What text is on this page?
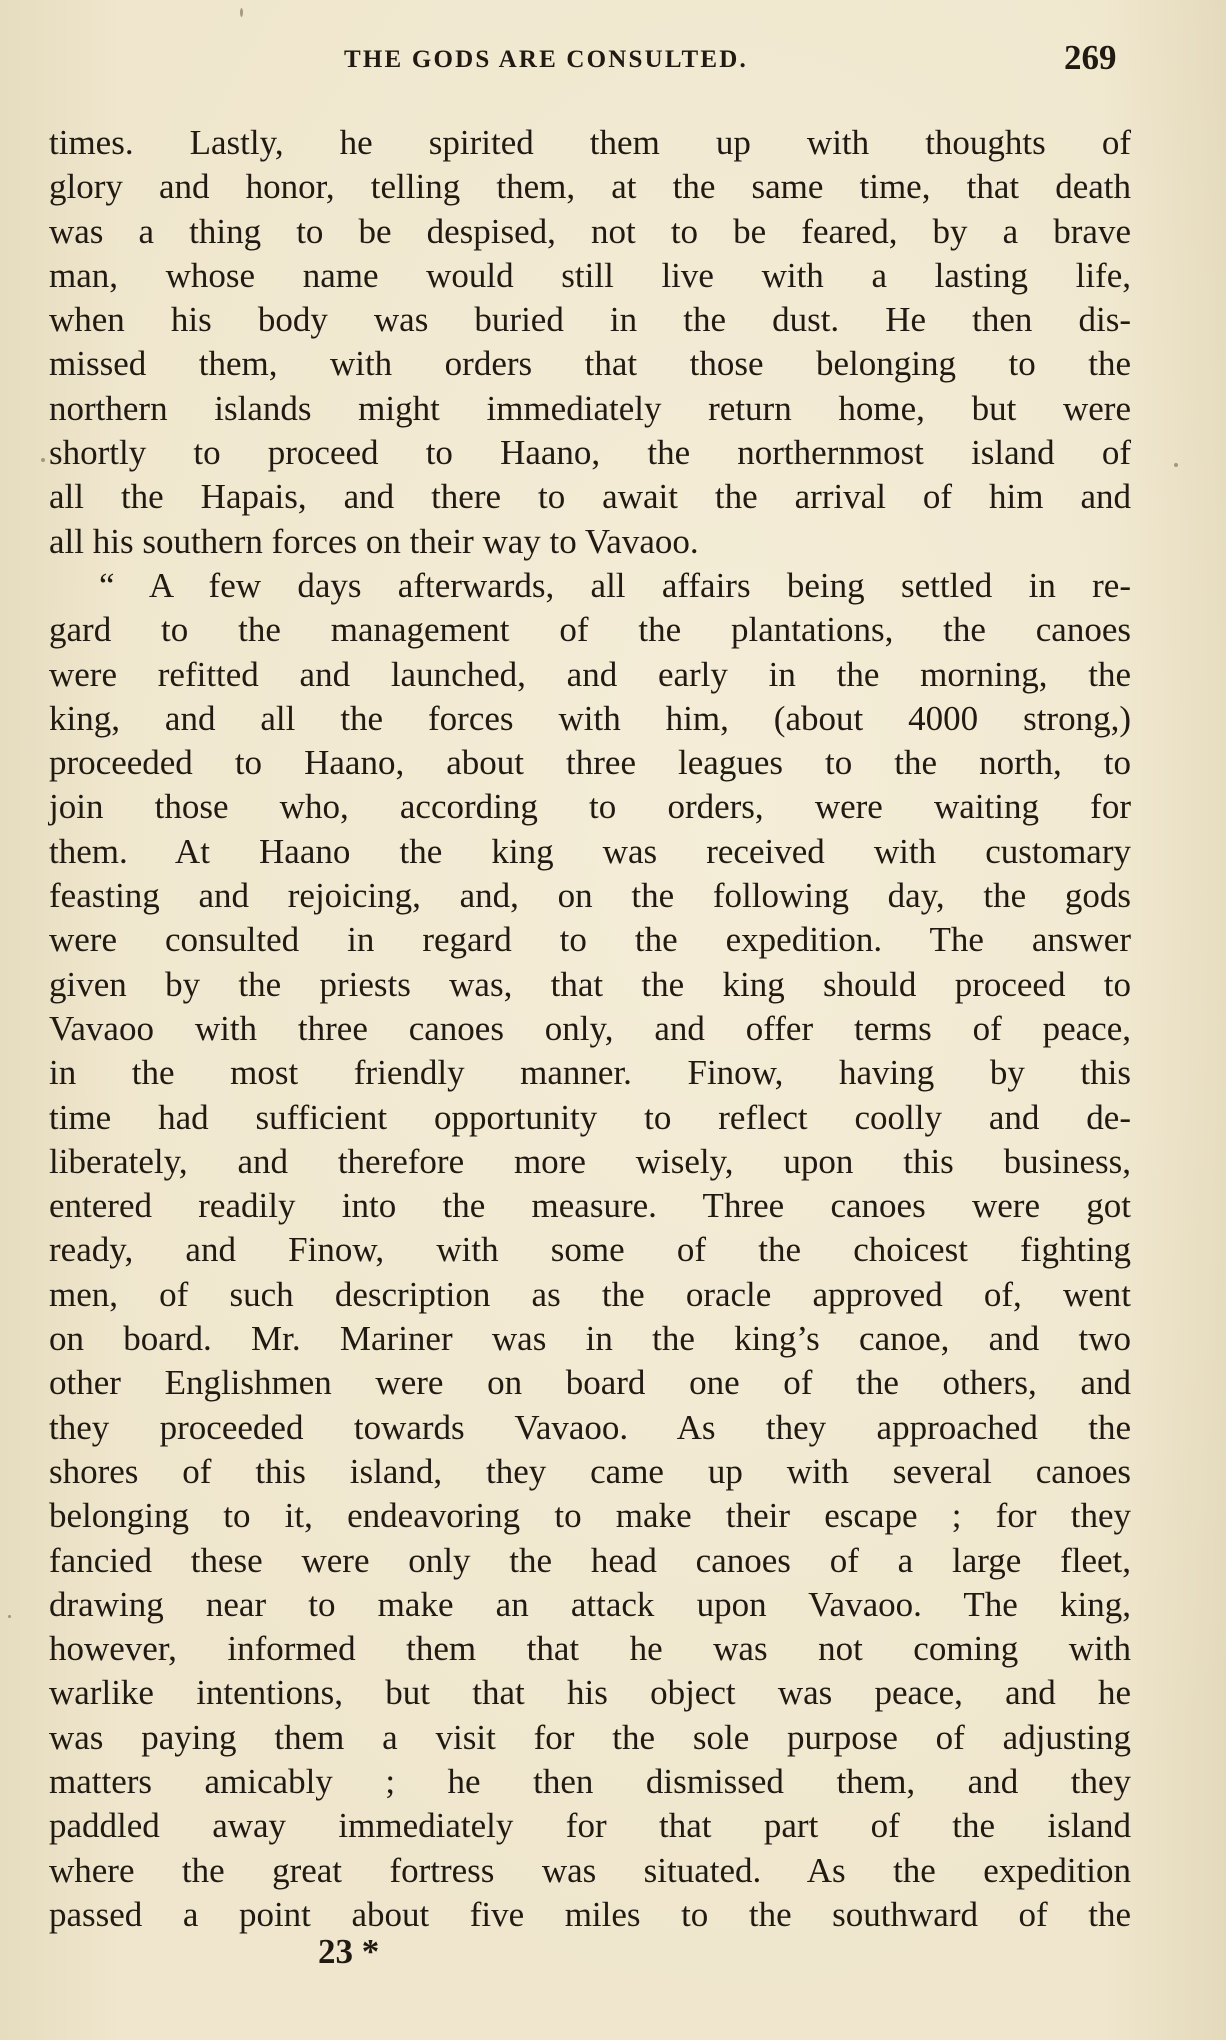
THE GODS ARE CONSULTED.	269
times. Lastly, he spirited them up with thoughts of
glory and honor, telling them, at the same time, that death
was a thing to be despised, not to be feared, by a brave
man, whose name would still live with a lasting life,
when his body was buried in the dust. He then dis-
missed them, with orders that those belonging to the
northern islands might immediately return home, but were
shortly to proceed to Haano, the northernmost island of
all the Hapais, and there to await the arrival of him and
all his southern forces on their way to Vavaoo.
“ A few days afterwards, all affairs being settled in re-
gard to the management of the plantations, the canoes
were refitted and launched, and early in the morning, the
king, and all the forces with him, (about 4000 strong,)
proceeded to Haano, about three leagues to the north, to
join those who, according to orders, were waiting for
them. At Haano the king was received with customary
feasting and rejoicing, and, on the following day, the gods
were consulted in regard to the expedition. The answer
given by the priests was, that the king should proceed to
Vavaoo with three canoes only, and offer terms of peace,
in the most friendly manner. Finow, having by this
time had sufficient opportunity to reflect coolly and de-
liberately, and therefore more wisely, upon this business,
entered readily into the measure. Three canoes were got
ready, and Finow, with some of the choicest fighting
men, of such description as the oracle approved of, went
on board. Mr. Mariner was in the king’s canoe, and two
other Englishmen were on board one of the others, and
they proceeded towards Vavaoo. As they approached the
shores of this island, they came up with several canoes
belonging to it, endeavoring to make their escape ; for they
fancied these were only the head canoes of a large fleet,
drawing near to make an attack upon Vavaoo. The king,
however, informed them that he was not coming with
warlike intentions, but that his object was peace, and he
was paying them a visit for the sole purpose of adjusting
matters amicably ; he then dismissed them, and they
paddled away immediately for that part of the island
where the great fortress was situated. As the expedition
passed a point about five miles to the southward of the
23 *
